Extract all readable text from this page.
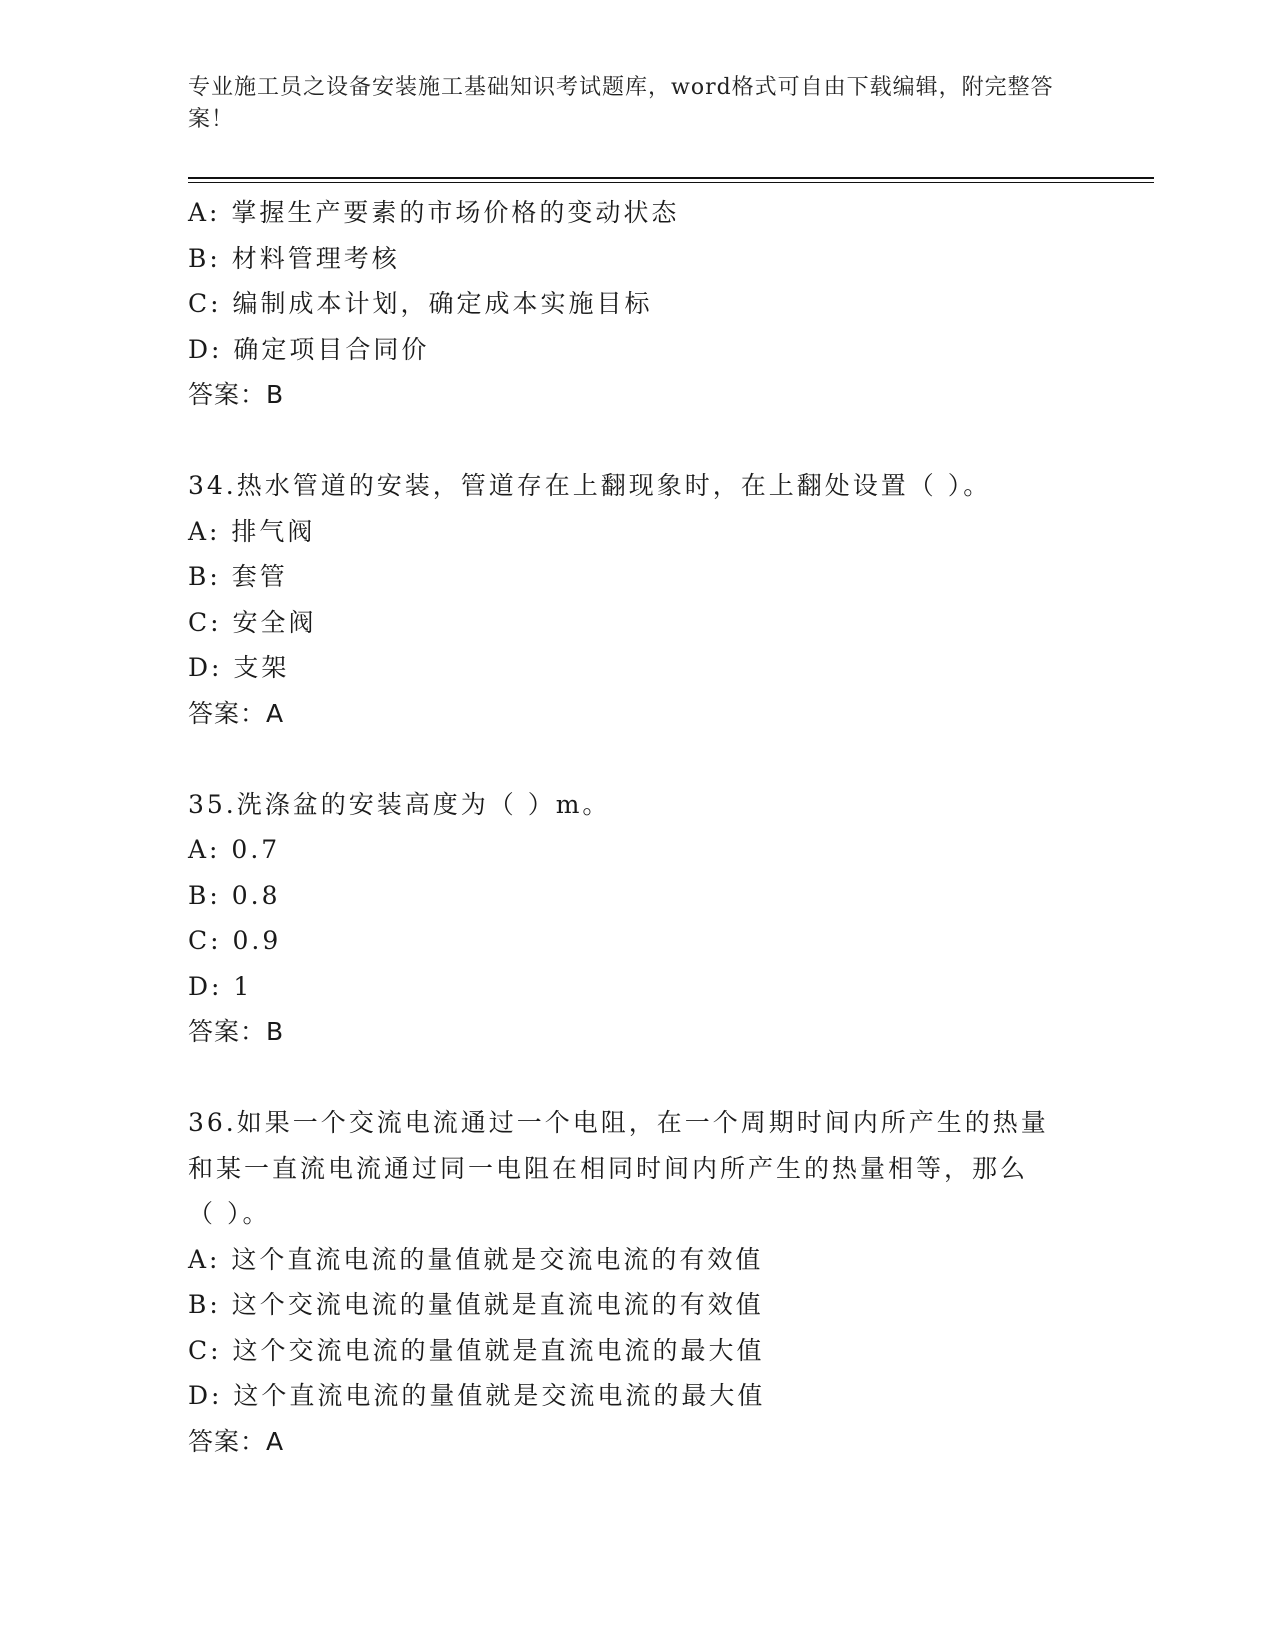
专业施工员之设备安装施工基础知识考试题库，word格式可自由下载编辑，附完整答案！
A: 掌握生产要素的市场价格的变动状态
B: 材料管理考核
C: 编制成本计划，确定成本实施目标
D: 确定项目合同价
答案：B
34.热水管道的安装，管道存在上翻现象时，在上翻处设置（ ）。
A: 排气阀
B: 套管
C: 安全阀
D: 支架
答案：A
35.洗涤盆的安装高度为（ ）m。
A: 0.7
B: 0.8
C: 0.9
D: 1
答案：B
36.如果一个交流电流通过一个电阻，在一个周期时间内所产生的热量
和某一直流电流通过同一电阻在相同时间内所产生的热量相等，那么
（ ）。
A: 这个直流电流的量值就是交流电流的有效值
B: 这个交流电流的量值就是直流电流的有效值
C: 这个交流电流的量值就是直流电流的最大值
D: 这个直流电流的量值就是交流电流的最大值
答案：A
